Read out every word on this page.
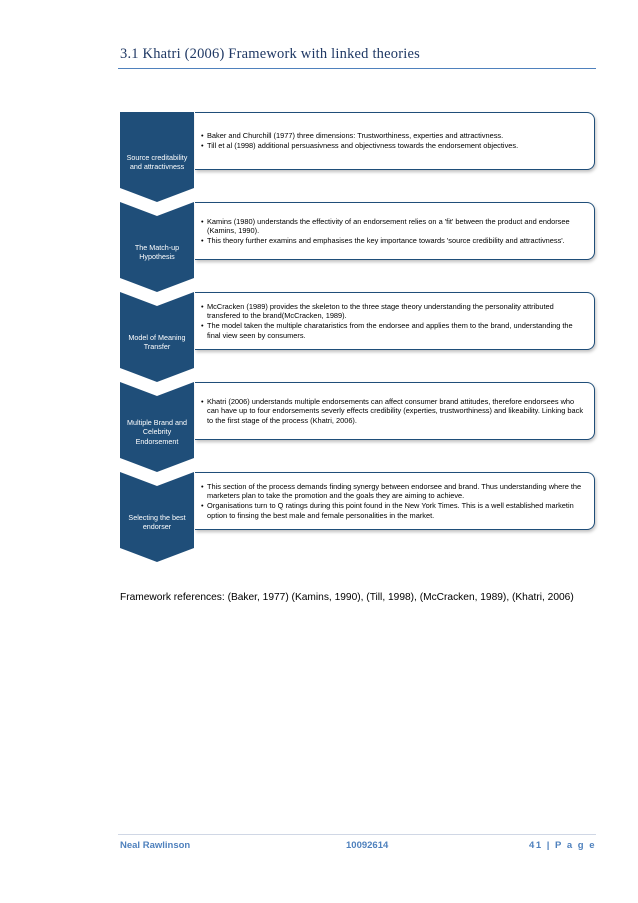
3.1 Khatri (2006) Framework with linked theories
Source creditability and attractivness
• Baker and Churchill (1977) three dimensions: Trustworthiness, experties and attractivness.
• Till et al (1998) additional persuasivness and objectivness towards the endorsement objectives.
The Match-up Hypothesis
• Kamins (1980) understands the effectivity of an endorsement relies on a 'fit' between the product and endorsee (Kamins, 1990).
• This theory further examins and emphasises the key importance towards 'source credibility and attractivness'.
Model of Meaning Transfer
• McCracken (1989) provides the skeleton to the three stage theory understanding the personality attributed transfered to the brand(McCracken, 1989).
• The model taken the multiple charataristics from the endorsee and applies them to the brand, understanding the final view seen by consumers.
Multiple Brand and Celebrity Endorsement
• Khatri (2006) understands multiple endorsements can affect consumer brand attitudes, therefore endorsees who can have up to four endorsements severly effects credibility (experties, trustworthiness) and likeability. Linking back to the first stage of the process (Khatri, 2006).
Selecting the best endorser
• This section of the process demands finding synergy between endorsee and brand. Thus understanding where the marketers plan to take the promotion and the goals they are aiming to achieve.
• Organisations turn to Q ratings during this point found in the New York Times. This is a well established marketin option to finsing the best male and female personalities in the market.
Framework references: (Baker, 1977) (Kamins, 1990), (Till, 1998), (McCracken, 1989), (Khatri, 2006)
Neal Rawlinson	10092614	41 | P a g e
